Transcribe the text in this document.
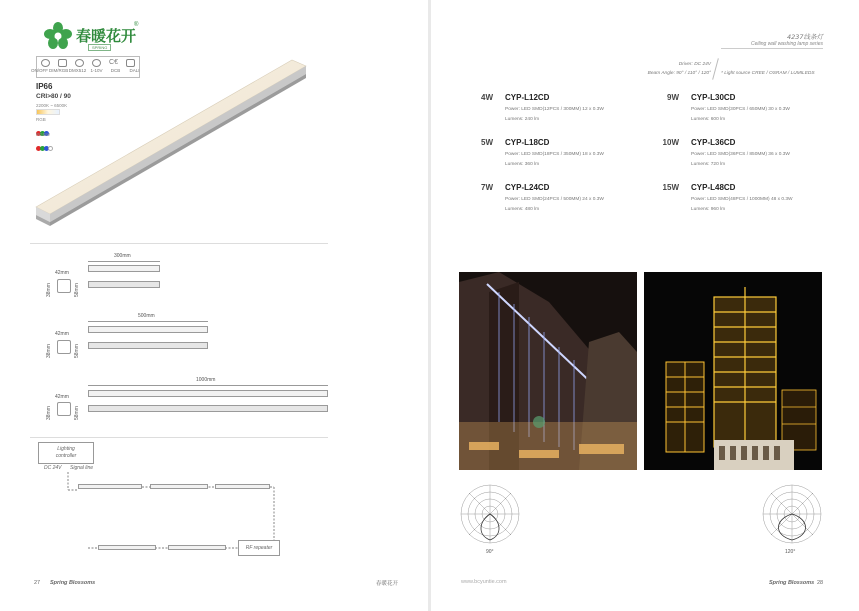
春暖花开
®
SPRING
C€
ON/OFF DIM/RGB DMX512 1-10V	DCB	DALI
IP66
CRI>80 / 90
2200K ~ 6500K
RGB
RGBW
300mm
42mm
38mm	58mm
500mm
42mm
38mm	58mm
1000mm
42mm
38mm	58mm
Lighting
controller
DC 24V Signal line
RF repeater
27 Spring Blossoms	春暖花开
4237线条灯
Ceiling wall washing lamp series
Driver: DC 24V
Beam Angle: 90° / 110° / 120° * Light source CREE / OSRAM / LUMILEDS
4W CYP-L12CD
Power: LED SMD(12PCS / 300MM) 12 x 0.3W
Lumens: 240 lm
5W CYP-L18CD
Power: LED SMD(18PCS / 350MM) 18 x 0.3W
Lumens: 360 lm
7W CYP-L24CD
Power: LED SMD(24PCS / 500MM) 24 x 0.3W
Lumens: 480 lm
9W CYP-L30CD
Power: LED SMD(30PCS / 650MM) 30 x 0.3W
Lumens: 600 lm
10W CYP-L36CD
Power: LED SMD(36PCS / 850MM) 36 x 0.3W
Lumens: 720 lm
15W CYP-L48CD
Power: LED SMD(48PCS / 1000MM) 48 x 0.3W
Lumens: 960 lm
90°	120°
www.bcyuntie.com	Spring Blossoms 28
